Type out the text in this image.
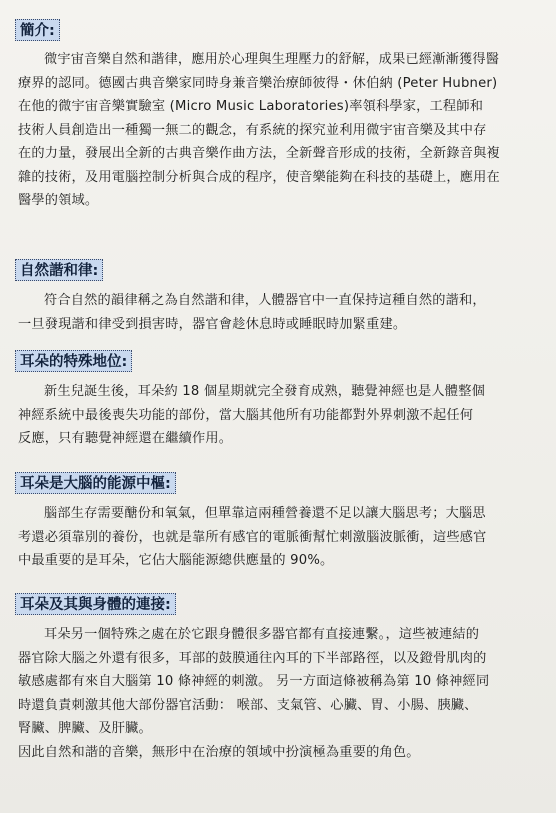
簡介:
微宇宙音樂自然和諧律，應用於心理與生理壓力的舒解，成果已經漸漸獲得醫
療界的認同。德國古典音樂家同時身兼音樂治療師彼得・休伯納 (Peter Hubner)
在他的微宇宙音樂實驗室 (Micro Music Laboratories)率領科學家，工程師和
技術人員創造出一種獨一無二的觀念，有系統的探究並利用微宇宙音樂及其中存
在的力量，發展出全新的古典音樂作曲方法，全新聲音形成的技術，全新錄音與複
雜的技術，及用電腦控制分析與合成的程序，使音樂能夠在科技的基礎上，應用在
醫學的領域。
自然諧和律:
符合自然的韻律稱之為自然諧和律，人體器官中一直保持這種自然的諧和，
一旦發現諧和律受到損害時，器官會趁休息時或睡眠時加緊重建。
耳朵的特殊地位:
新生兒誕生後，耳朵約 18 個星期就完全發育成熟，聽覺神經也是人體整個
神經系統中最後喪失功能的部份，當大腦其他所有功能都對外界刺激不起任何
反應，只有聽覺神經還在繼續作用。
耳朵是大腦的能源中樞:
腦部生存需要醣份和氧氣，但單靠這兩種營養還不足以讓大腦思考；大腦思
考還必須靠別的養份，也就是靠所有感官的電脈衝幫忙刺激腦波脈衝，這些感官
中最重要的是耳朵，它佔大腦能源總供應量的 90%。
耳朵及其與身體的連接:
耳朵另一個特殊之處在於它跟身體很多器官都有直接連繫。，這些被連結的
器官除大腦之外還有很多，耳部的鼓膜通往內耳的下半部路徑，以及鐙骨肌肉的
敏感處都有來自大腦第 10 條神經的刺激。 另一方面這條被稱為第 10 條神經同
時還負責刺激其他大部份器官活動： 喉部、支氣管、心臟、胃、小腸、胰臟、
腎臟、脾臟、及肝臟。
因此自然和諧的音樂，無形中在治療的領域中扮演極為重要的角色。
